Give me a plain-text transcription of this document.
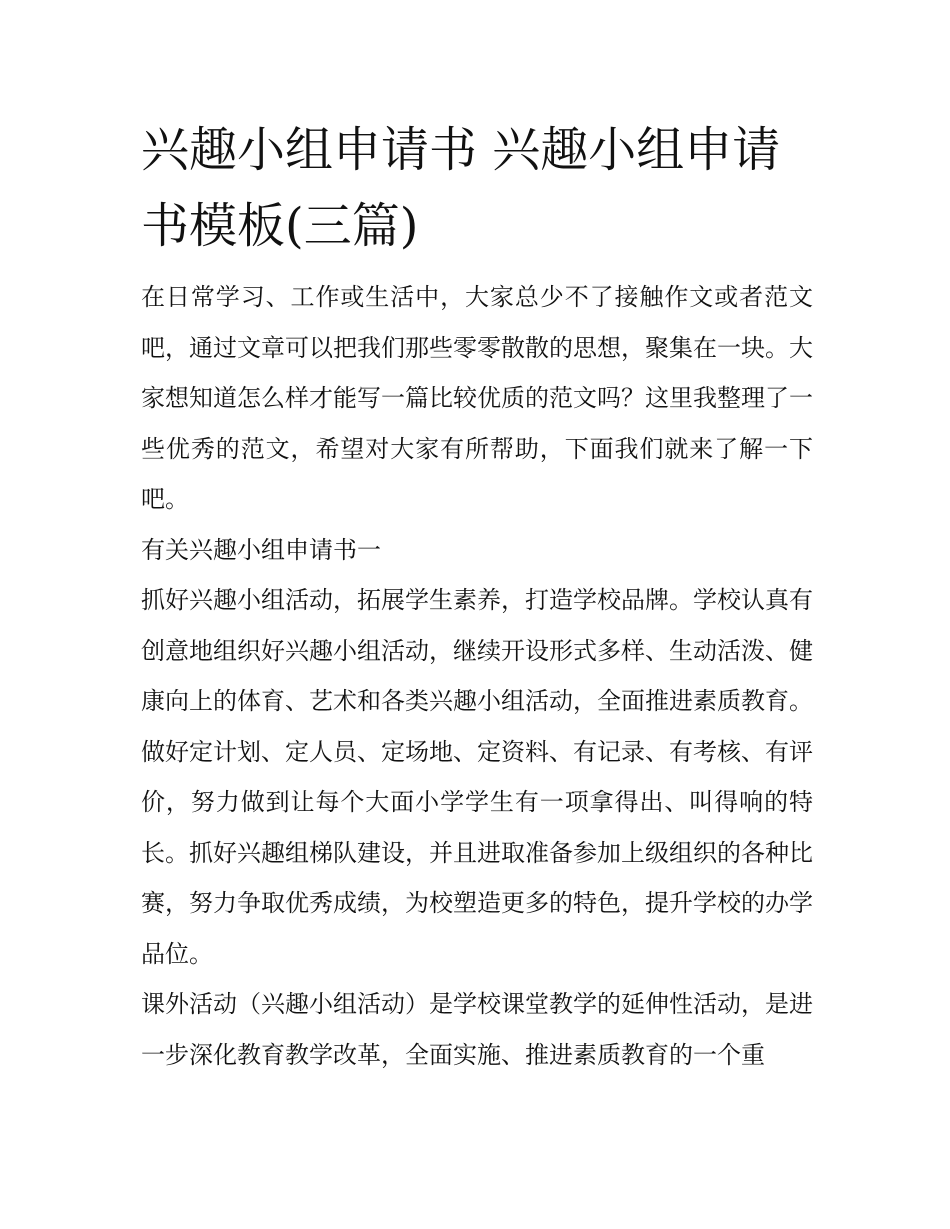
兴趣小组申请书 兴趣小组申请书模板(三篇)

在日常学习、工作或生活中，大家总少不了接触作文或者范文吧，通过文章可以把我们那些零零散散的思想，聚集在一块。大家想知道怎么样才能写一篇比较优质的范文吗？这里我整理了一些优秀的范文，希望对大家有所帮助，下面我们就来了解一下吧。

有关兴趣小组申请书一

抓好兴趣小组活动，拓展学生素养，打造学校品牌。学校认真有创意地组织好兴趣小组活动，继续开设形式多样、生动活泼、健康向上的体育、艺术和各类兴趣小组活动，全面推进素质教育。做好定计划、定人员、定场地、定资料、有记录、有考核、有评价，努力做到让每个大面小学学生有一项拿得出、叫得响的特长。抓好兴趣组梯队建设，并且进取准备参加上级组织的各种比赛，努力争取优秀成绩，为校塑造更多的特色，提升学校的办学品位。

课外活动（兴趣小组活动）是学校课堂教学的延伸性活动，是进一步深化教育教学改革，全面实施、推进素质教育的一个重
